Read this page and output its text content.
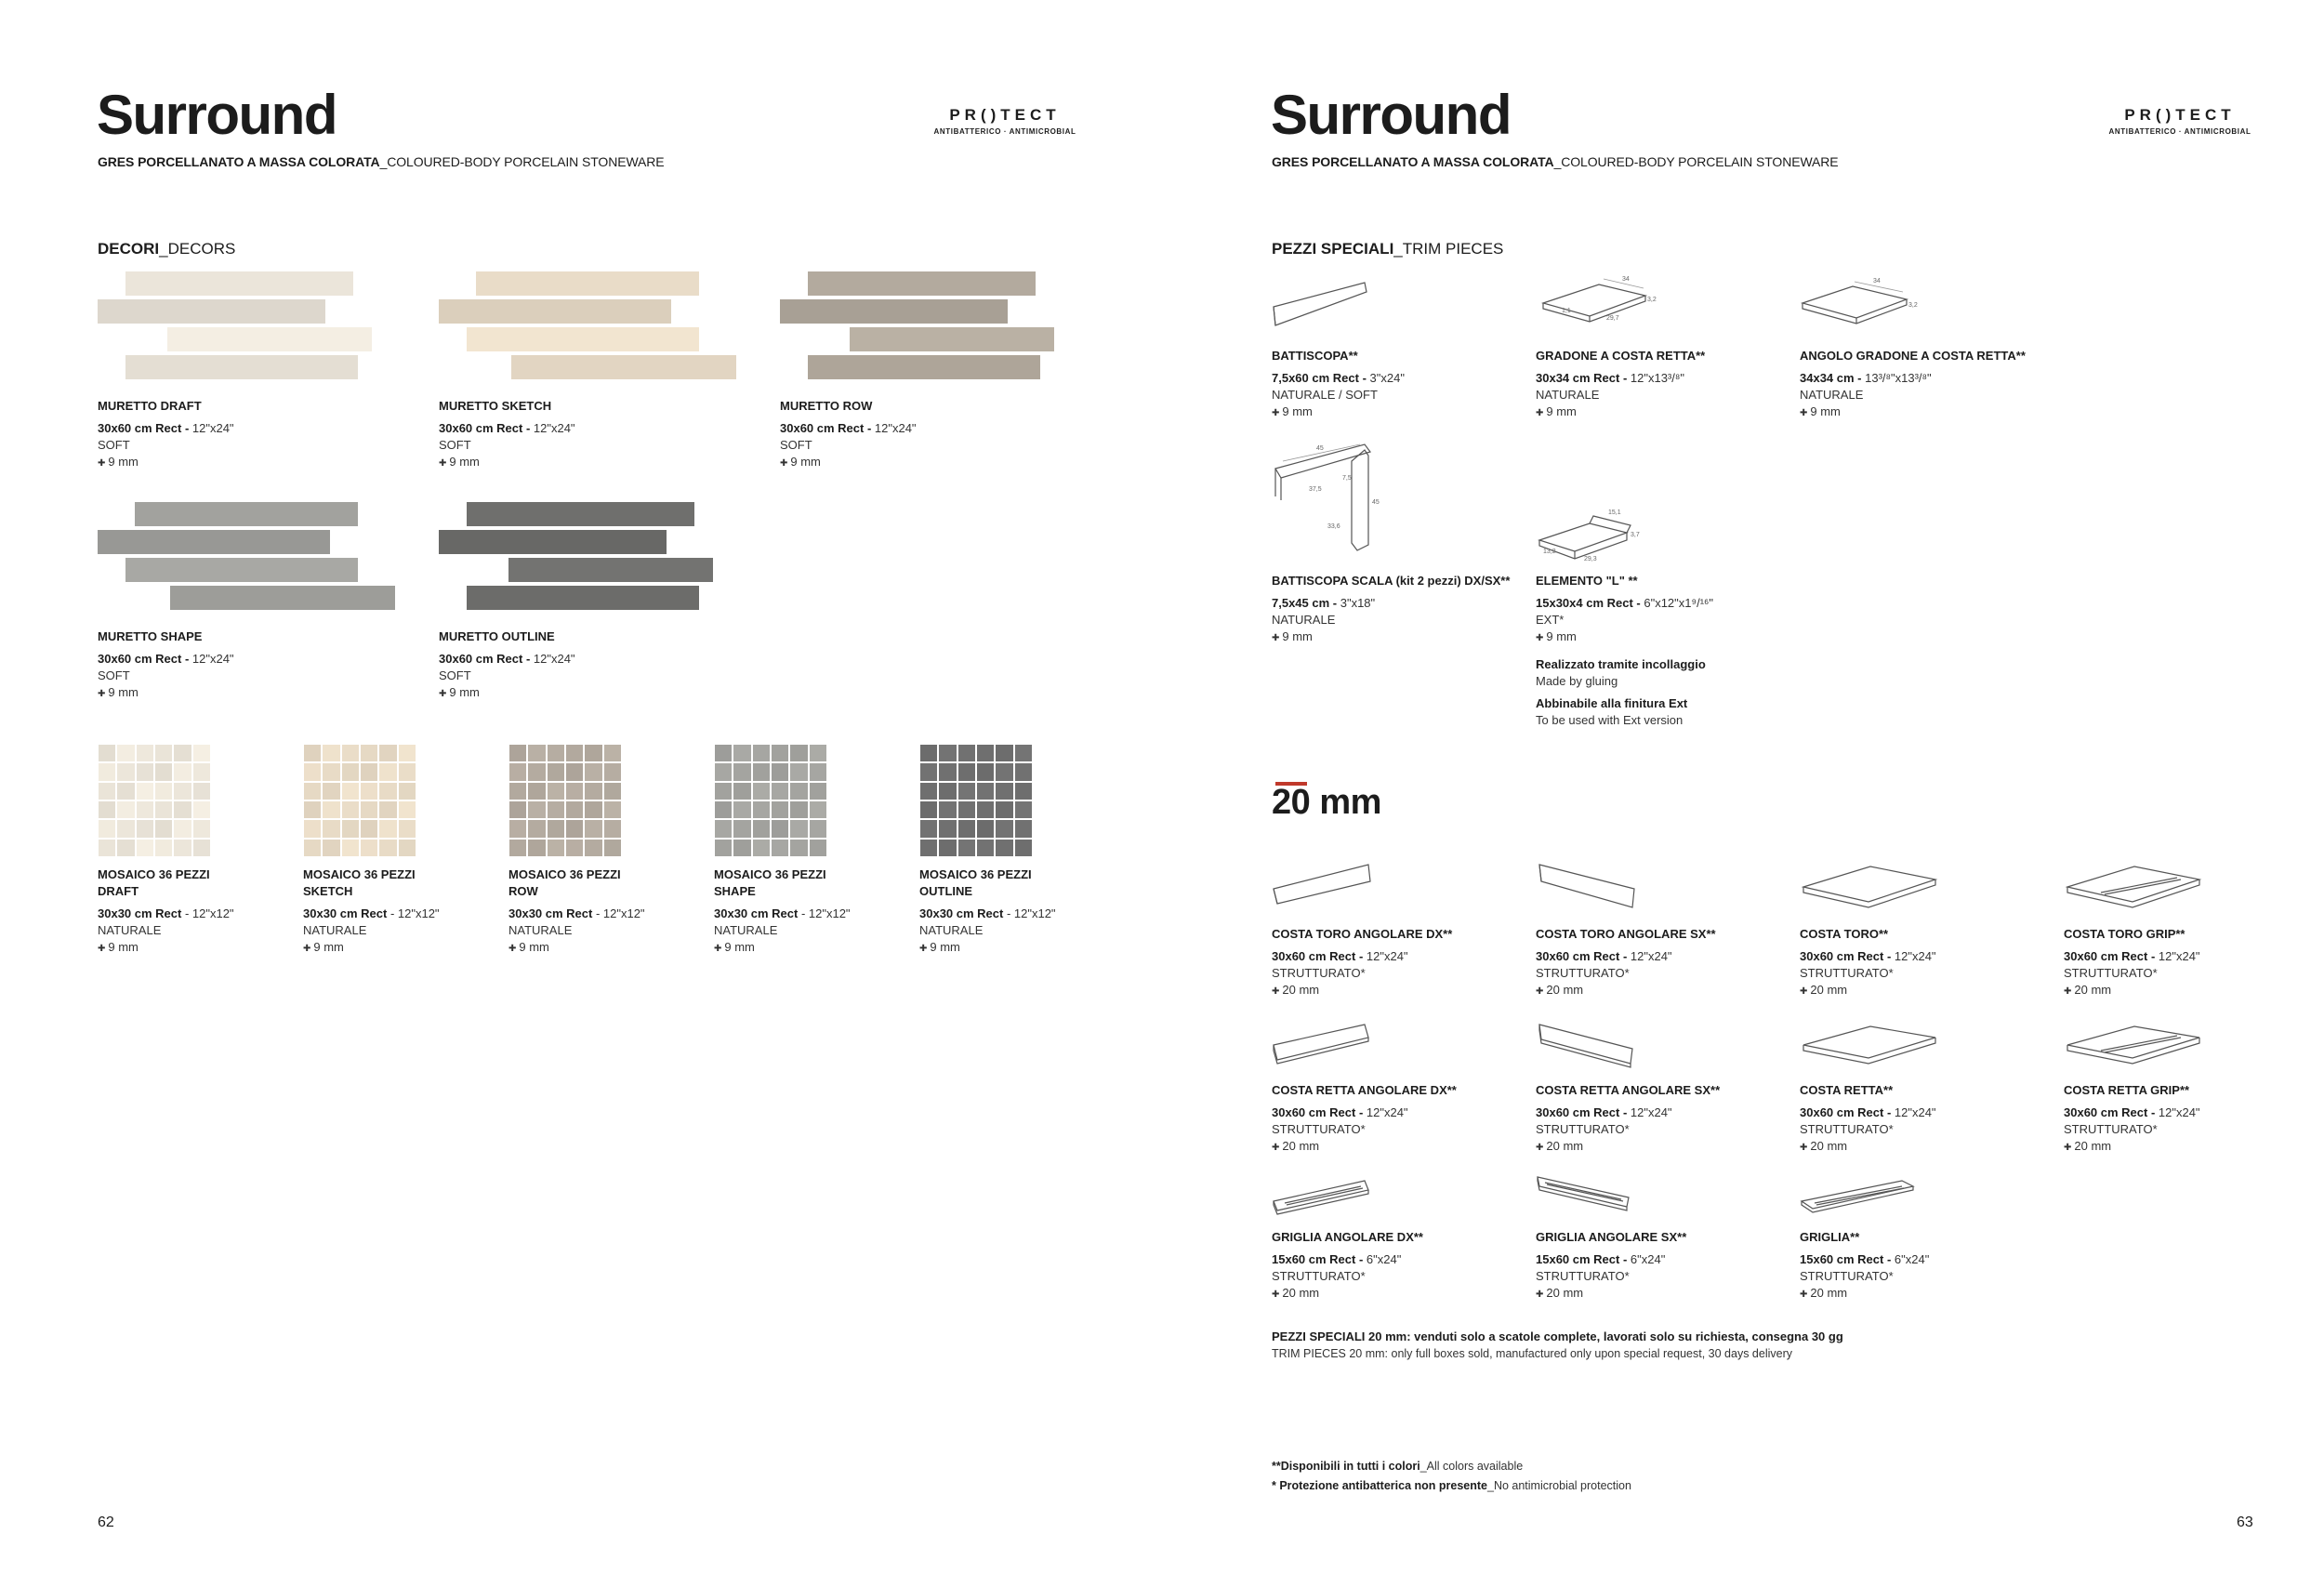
Surround
GRES PORCELLANATO A MASSA COLORATA_COLOURED-BODY PORCELAIN STONEWARE
PR()TECT
ANTIBATTERICO · ANTIMICROBIAL
DECORI_DECORS
MURETTO DRAFT
30x60 cm Rect - 12"x24"
SOFT
✚ 9 mm
MURETTO SKETCH
30x60 cm Rect - 12"x24"
SOFT
✚ 9 mm
MURETTO ROW
30x60 cm Rect - 12"x24"
SOFT
✚ 9 mm
MURETTO SHAPE
30x60 cm Rect - 12"x24"
SOFT
✚ 9 mm
MURETTO OUTLINE
30x60 cm Rect - 12"x24"
SOFT
✚ 9 mm
MOSAICO 36 PEZZI
DRAFT
30x30 cm Rect - 12"x12"
NATURALE
✚ 9 mm
MOSAICO 36 PEZZI
SKETCH
30x30 cm Rect - 12"x12"
NATURALE
✚ 9 mm
MOSAICO 36 PEZZI
ROW
30x30 cm Rect - 12"x12"
NATURALE
✚ 9 mm
MOSAICO 36 PEZZI
SHAPE
30x30 cm Rect - 12"x12"
NATURALE
✚ 9 mm
MOSAICO 36 PEZZI
OUTLINE
30x30 cm Rect - 12"x12"
NATURALE
✚ 9 mm
62
Surround
GRES PORCELLANATO A MASSA COLORATA_COLOURED-BODY PORCELAIN STONEWARE
PR()TECT
ANTIBATTERICO · ANTIMICROBIAL
PEZZI SPECIALI_TRIM PIECES
34
3,2
1,1
29,7
34
3,2
45
45
37,5
33,6
7,5
15,1
3,7
13,2
29,3
BATTISCOPA**
7,5x60 cm Rect - 3"x24"
NATURALE / SOFT
✚ 9 mm
GRADONE A COSTA RETTA**
30x34 cm Rect - 12"x13³/⁸"
NATURALE
✚ 9 mm
ANGOLO GRADONE A COSTA RETTA**
34x34 cm - 13³/⁸"x13³/⁸"
NATURALE
✚ 9 mm
BATTISCOPA SCALA (kit 2 pezzi) DX/SX**
7,5x45 cm - 3"x18"
NATURALE
✚ 9 mm
ELEMENTO "L" **
15x30x4 cm Rect - 6"x12"x1⁹/¹⁶"
EXT*
✚ 9 mm
Realizzato tramite incollaggio
Made by gluing
Abbinabile alla finitura Ext
To be used with Ext version
20 mm
COSTA TORO ANGOLARE DX**
30x60 cm Rect - 12"x24"
STRUTTURATO*
✚ 20 mm
COSTA TORO ANGOLARE SX**
30x60 cm Rect - 12"x24"
STRUTTURATO*
✚ 20 mm
COSTA TORO**
30x60 cm Rect - 12"x24"
STRUTTURATO*
✚ 20 mm
COSTA TORO GRIP**
30x60 cm Rect - 12"x24"
STRUTTURATO*
✚ 20 mm
COSTA RETTA ANGOLARE DX**
30x60 cm Rect - 12"x24"
STRUTTURATO*
✚ 20 mm
COSTA RETTA ANGOLARE SX**
30x60 cm Rect - 12"x24"
STRUTTURATO*
✚ 20 mm
COSTA RETTA**
30x60 cm Rect - 12"x24"
STRUTTURATO*
✚ 20 mm
COSTA RETTA GRIP**
30x60 cm Rect - 12"x24"
STRUTTURATO*
✚ 20 mm
GRIGLIA ANGOLARE DX**
15x60 cm Rect - 6"x24"
STRUTTURATO*
✚ 20 mm
GRIGLIA ANGOLARE SX**
15x60 cm Rect - 6"x24"
STRUTTURATO*
✚ 20 mm
GRIGLIA**
15x60 cm Rect - 6"x24"
STRUTTURATO*
✚ 20 mm
PEZZI SPECIALI 20 mm: venduti solo a scatole complete, lavorati solo su richiesta, consegna 30 gg
TRIM PIECES 20 mm: only full boxes sold, manufactured only upon special request, 30 days delivery
**Disponibili in tutti i colori_All colors available
* Protezione antibatterica non presente_No antimicrobial protection
63
